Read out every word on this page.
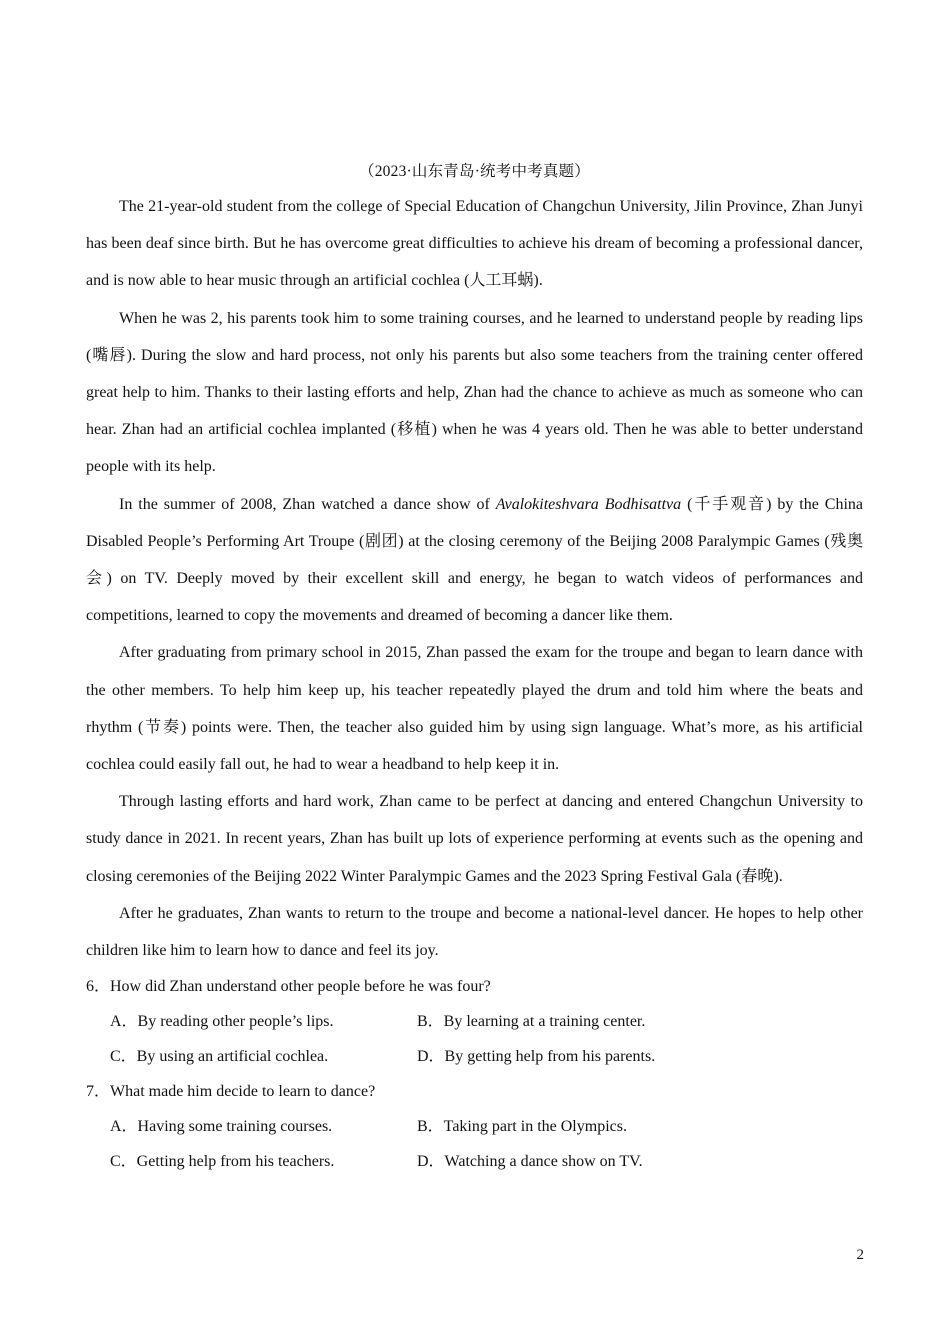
（2023·山东青岛·统考中考真题）

The 21-year-old student from the college of Special Education of Changchun University, Jilin Province, Zhan Junyi has been deaf since birth. But he has overcome great difficulties to achieve his dream of becoming a professional dancer, and is now able to hear music through an artificial cochlea (人工耳蜗).

When he was 2, his parents took him to some training courses, and he learned to understand people by reading lips (嘴唇). During the slow and hard process, not only his parents but also some teachers from the training center offered great help to him. Thanks to their lasting efforts and help, Zhan had the chance to achieve as much as someone who can hear. Zhan had an artificial cochlea implanted (移植) when he was 4 years old. Then he was able to better understand people with its help.

In the summer of 2008, Zhan watched a dance show of Avalokiteshvara Bodhisattva (千手观音) by the China Disabled People’s Performing Art Troupe (剧团) at the closing ceremony of the Beijing 2008 Paralympic Games (残奥会) on TV. Deeply moved by their excellent skill and energy, he began to watch videos of performances and competitions, learned to copy the movements and dreamed of becoming a dancer like them.

After graduating from primary school in 2015, Zhan passed the exam for the troupe and began to learn dance with the other members. To help him keep up, his teacher repeatedly played the drum and told him where the beats and rhythm (节奏) points were. Then, the teacher also guided him by using sign language. What’s more, as his artificial cochlea could easily fall out, he had to wear a headband to help keep it in.

Through lasting efforts and hard work, Zhan came to be perfect at dancing and entered Changchun University to study dance in 2021. In recent years, Zhan has built up lots of experience performing at events such as the opening and closing ceremonies of the Beijing 2022 Winter Paralympic Games and the 2023 Spring Festival Gala (春晚).

After he graduates, Zhan wants to return to the troupe and become a national-level dancer. He hopes to help other children like him to learn how to dance and feel its joy.

6．How did Zhan understand other people before he was four?

A．By reading other people’s lips.	B．By learning at a training center.
C．By using an artificial cochlea.	D．By getting help from his parents.

7．What made him decide to learn to dance?

A．Having some training courses.	B．Taking part in the Olympics.
C．Getting help from his teachers.	D．Watching a dance show on TV.
2
